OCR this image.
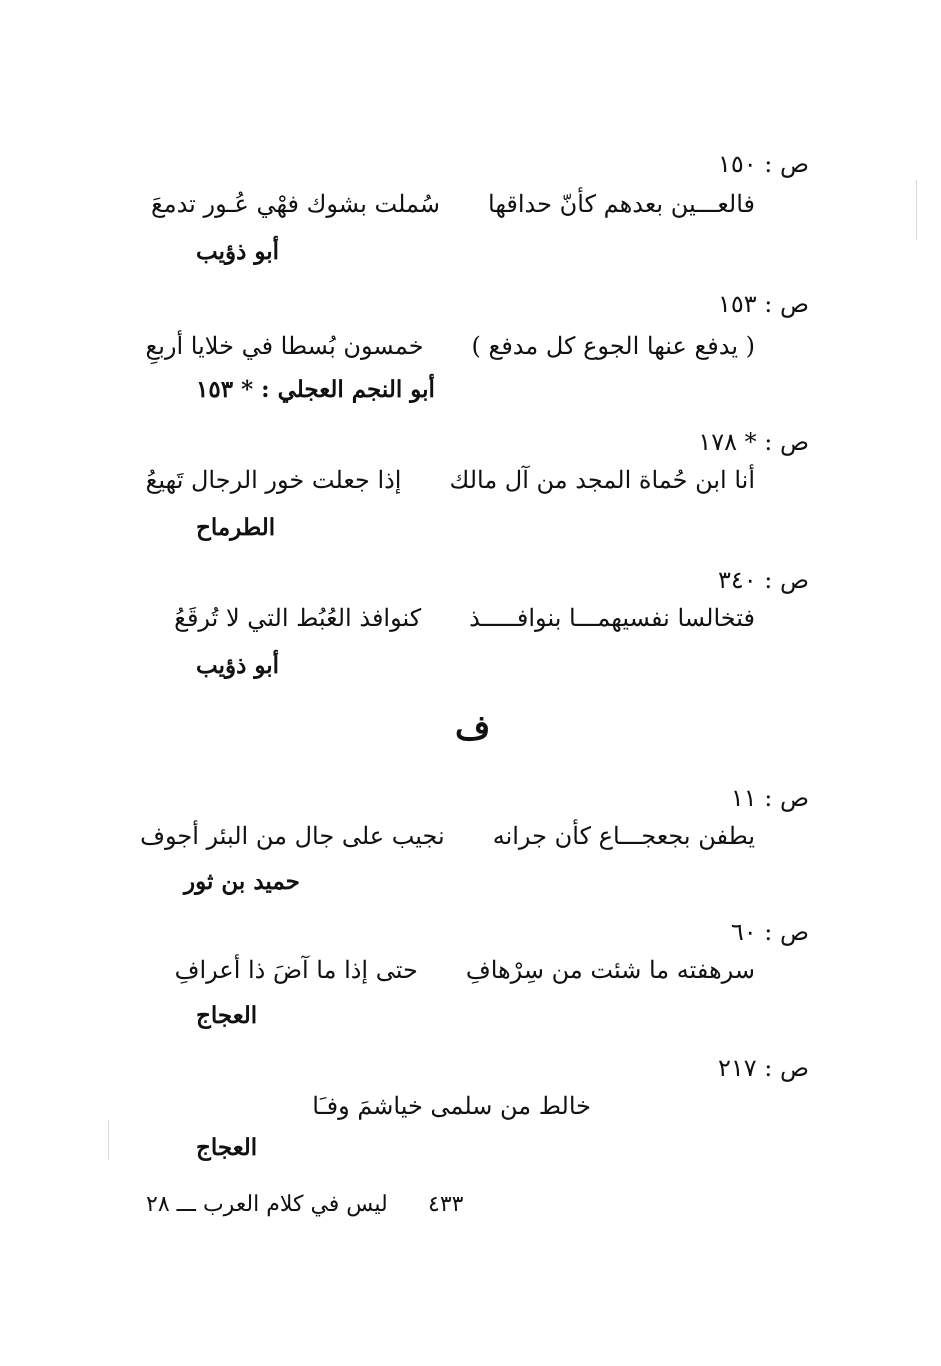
ص : ١٥٠
فالعـــين بعدهم كأنّ حداقها
سُملت بشوك فهْي عُـور تدمعَ
أبو ذؤيب
ص : ١٥٣
( يدفع عنها الجوع كل مدفع )
خمسون بُسطا في خلايا أربعِ
أبو النجم العجلي : * ١٥٣
ص : * ١٧٨
أنا ابن حُماة المجد من آل مالك
إذا جعلت خور الرجال تَهيعُ
الطرماح
ص : ٣٤٠
فتخالسا نفسيهمـــا بنوافـــــذ
كنوافذ العُبُط التي لا تُرقَعُ
أبو ذؤيب
ف
ص : ١١
يطفن بجعجـــاع كأن جرانه
نجيب على جال من البئر أجوف
حميد بن ثور
ص : ٦٠
سرهفته ما شئت من سِرْهافِ
حتى إذا ما آضَ ذا أعرافِ
العجاج
ص : ٢١٧
خالط من سلمى خياشمَ وفـَا
العجاج
٤٣٣
ليس في كلام العرب ـــ ٢٨
